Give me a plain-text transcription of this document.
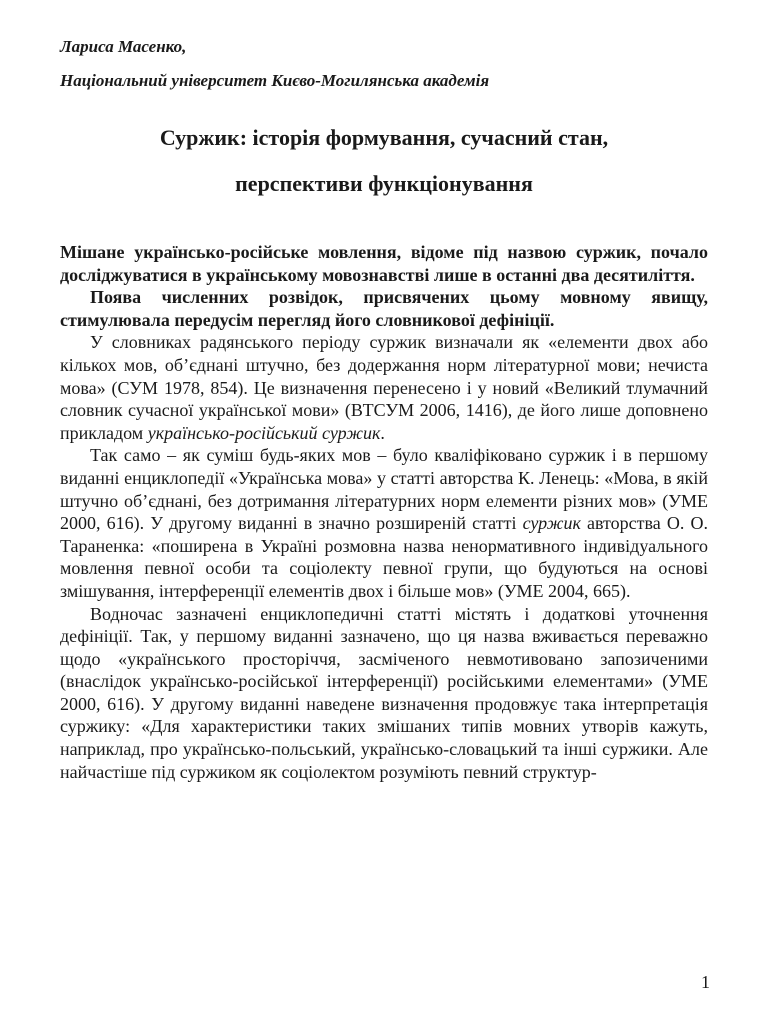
Лариса Масенко,
Національний університет Києво-Могилянська академія
Суржик: історія формування, сучасний стан,
перспективи функціонування

Мішане українсько-російське мовлення, відоме під назвою суржик, почало досліджуватися в українському мовознавстві лише в останні два десятиліття.

Поява численних розвідок, присвячених цьому мовному явищу, стимулювала передусім перегляд його словникової дефініції.

У словниках радянського періоду суржик визначали як «елементи двох або кількох мов, об’єднані штучно, без додержання норм літературної мови; нечиста мова» (СУМ 1978, 854). Це визначення перенесено і у новий «Великий тлумачний словник сучасної української мови» (ВТСУМ 2006, 1416), де його лише доповнено прикладом українсько-російський суржик.

Так само – як суміш будь-яких мов – було кваліфіковано суржик і в першому виданні енциклопедії «Українська мова» у статті авторства К. Ленець: «Мова, в якій штучно об’єднані, без дотримання літературних норм елементи різних мов» (УМЕ 2000, 616). У другому виданні в значно розширеній статті суржик авторства О. О. Тараненка: «поширена в Україні розмовна назва ненормативного індивідуального мовлення певної особи та соціолекту певної групи, що будуються на основі змішування, інтерференції елементів двох і більше мов» (УМЕ 2004, 665).

Водночас зазначені енциклопедичні статті містять і додаткові уточнення дефініції. Так, у першому виданні зазначено, що ця назва вживається переважно щодо «українського просторіччя, засміченого невмотивовано запозиченими (внаслідок українсько-російської інтерференції) російськими елементами» (УМЕ 2000, 616). У другому виданні наведене визначення продовжує така інтерпретація суржику: «Для характеристики таких змішаних типів мовних утворів кажуть, наприклад, про українсько-польський, українсько-словацький та інші суржики. Але найчастіше під суржиком як соціолектом розуміють певний структур-

1
